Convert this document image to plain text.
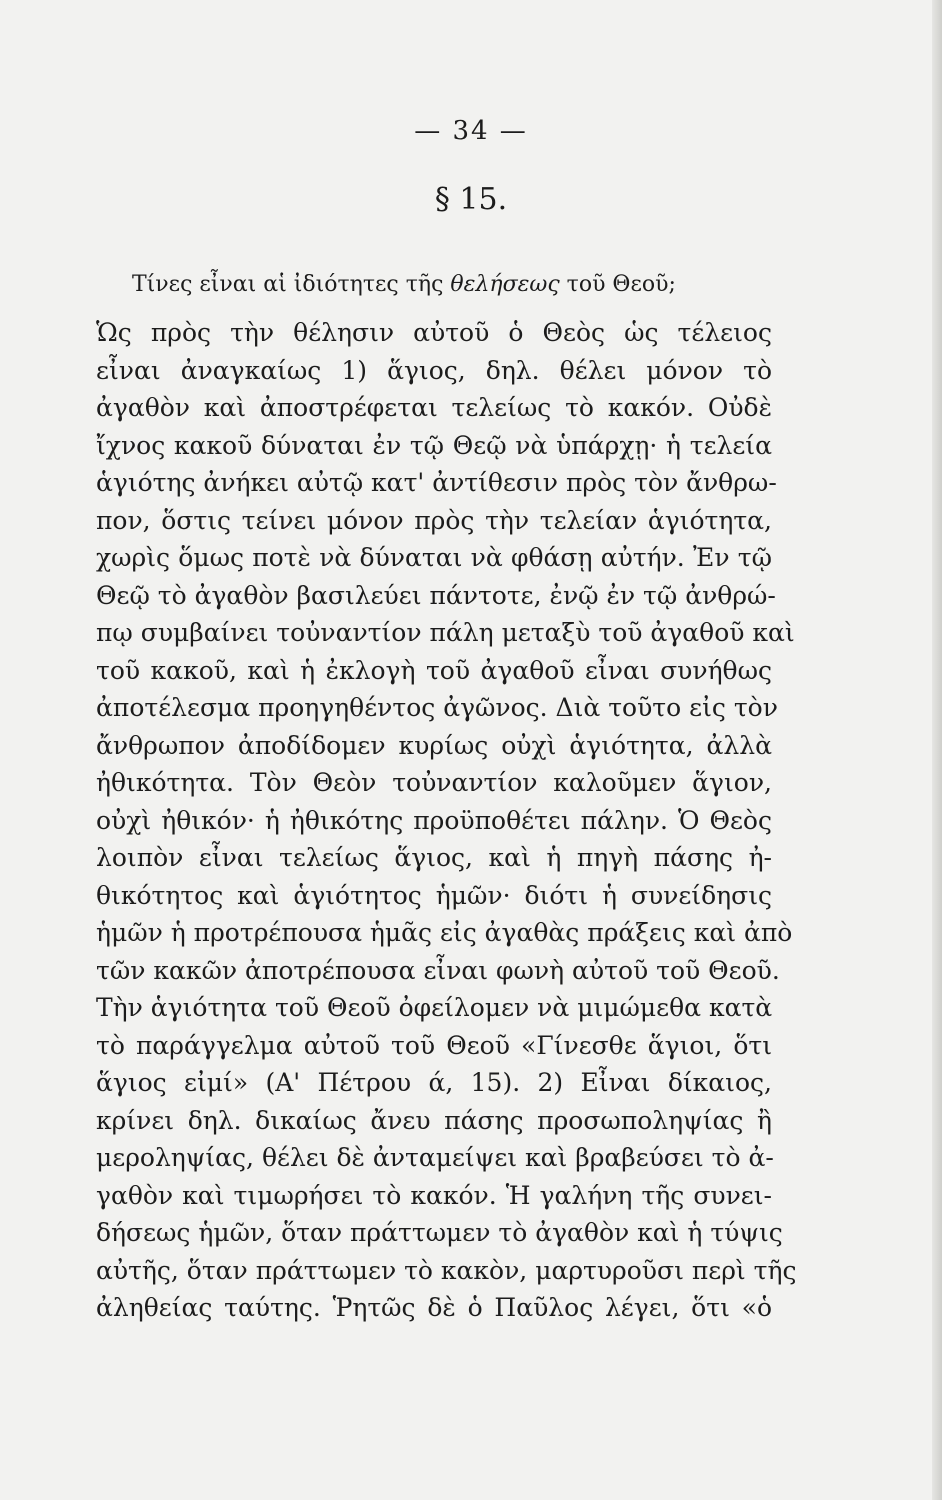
— 34 —
§ 15.
Τίνες εἶναι αἱ ἰδιότητες τῆς θελήσεως τοῦ Θεοῦ;
Ὡς πρὸς τὴν θέλησιν αὐτοῦ ὁ Θεὸς ὡς τέλειος
εἶναι ἀναγκαίως 1) ἅγιος, δηλ. θέλει μόνον τὸ
ἀγαθὸν καὶ ἀποστρέφεται τελείως τὸ κακόν. Οὐδὲ
ἴχνος κακοῦ δύναται ἐν τῷ Θεῷ νὰ ὑπάρχῃ· ἡ τελεία
ἁγιότης ἀνήκει αὐτῷ κατ' ἀντίθεσιν πρὸς τὸν ἄνθρω-
πον, ὅστις τείνει μόνον πρὸς τὴν τελείαν ἁγιότητα,
χωρὶς ὅμως ποτὲ νὰ δύναται νὰ φθάσῃ αὐτήν. Ἐν τῷ
Θεῷ τὸ ἀγαθὸν βασιλεύει πάντοτε, ἐνῷ ἐν τῷ ἀνθρώ-
πῳ συμβαίνει τοὐναντίον πάλη μεταξὺ τοῦ ἀγαθοῦ καὶ
τοῦ κακοῦ, καὶ ἡ ἐκλογὴ τοῦ ἀγαθοῦ εἶναι συνήθως
ἀποτέλεσμα προηγηθέντος ἀγῶνος. Διὰ τοῦτο εἰς τὸν
ἄνθρωπον ἀποδίδομεν κυρίως οὐχὶ ἁγιότητα, ἀλλὰ
ἠθικότητα. Τὸν Θεὸν τοὐναντίον καλοῦμεν ἅγιον,
οὐχὶ ἠθικόν· ἡ ἠθικότης προϋποθέτει πάλην. Ὁ Θεὸς
λοιπὸν εἶναι τελείως ἅγιος, καὶ ἡ πηγὴ πάσης ἠ-
θικότητος καὶ ἁγιότητος ἡμῶν· διότι ἡ συνείδησις
ἡμῶν ἡ προτρέπουσα ἡμᾶς εἰς ἀγαθὰς πράξεις καὶ ἀπὸ
τῶν κακῶν ἀποτρέπουσα εἶναι φωνὴ αὐτοῦ τοῦ Θεοῦ.
Τὴν ἁγιότητα τοῦ Θεοῦ ὀφείλομεν νὰ μιμώμεθα κατὰ
τὸ παράγγελμα αὐτοῦ τοῦ Θεοῦ «Γίνεσθε ἅγιοι, ὅτι
ἅγιος εἰμί» (Α' Πέτρου ά, 15). 2) Εἶναι δίκαιος,
κρίνει δηλ. δικαίως ἄνευ πάσης προσωποληψίας ἢ
μεροληψίας, θέλει δὲ ἀνταμείψει καὶ βραβεύσει τὸ ἀ-
γαθὸν καὶ τιμωρήσει τὸ κακόν. Ἡ γαλήνη τῆς συνει-
δήσεως ἡμῶν, ὅταν πράττωμεν τὸ ἀγαθὸν καὶ ἡ τύψις
αὐτῆς, ὅταν πράττωμεν τὸ κακὸν, μαρτυροῦσι περὶ τῆς
ἀληθείας ταύτης. Ῥητῶς δὲ ὁ Παῦλος λέγει, ὅτι «ὁ
